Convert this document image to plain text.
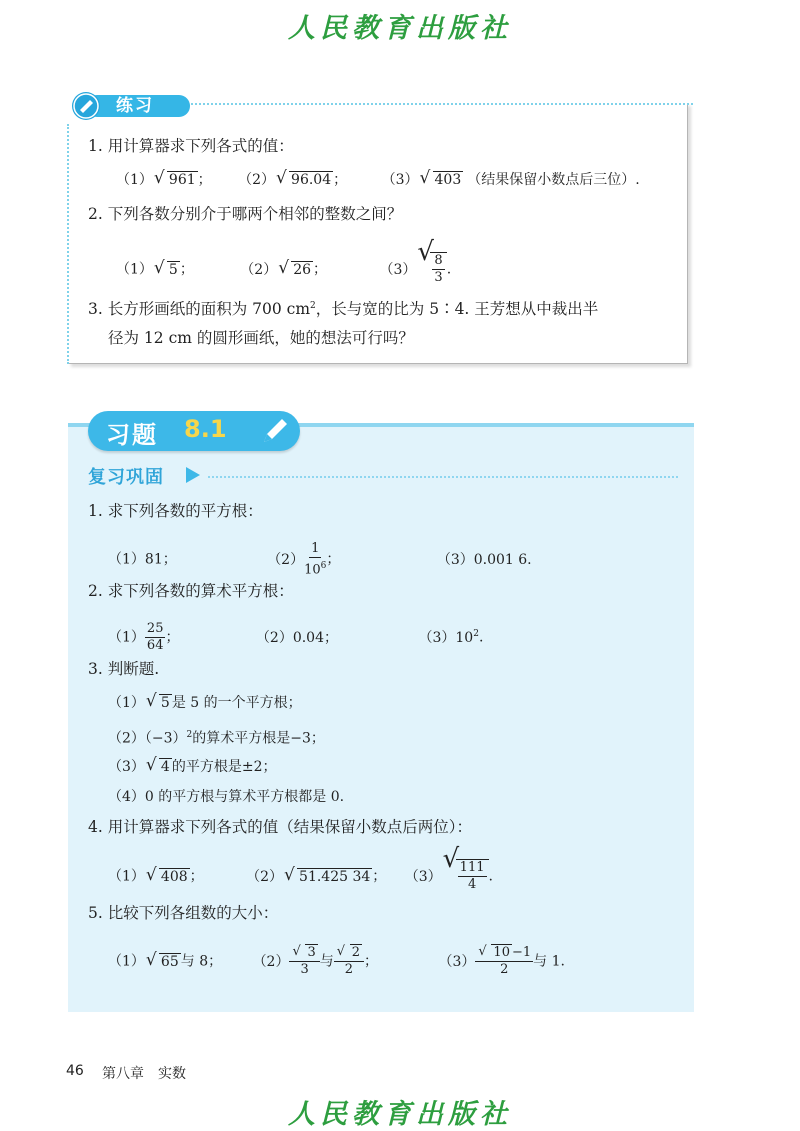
人民教育出版社
练习
1. 用计算器求下列各式的值：
（1） √ 961 ； （2） √ 96.04 ； （3） √ 403 （结果保留小数点后三位）.
2. 下列各数分别介于哪两个相邻的整数之间？
（1） √ 5 ；	（2） √ 26 ；	（3）
√
$\frac{8}{3}$ .
3. 长方形画纸的面积为 700 $cm^2$，长与宽的比为 5∶4. 王芳想从中裁出半
径为 12 cm 的圆形画纸，她的想法可行吗？
习题 8.1
复习巩固
1. 求下列各数的平方根：
（1）81；	$(2) \frac{1}{10^6}$ ；	（3）0.001 6.
2. 求下列各数的算术平方根：
$(1) \frac{25}{64}$ ；	（2）0.04；	$(3)10^2$.
3. 判断题.
（1） √ 5 是 5 的一个平方根；
$(2)(-3)^2$的算术平方根是−3；
（3） √ 4 的平方根是±2；
（4）0 的平方根与算术平方根都是 0.
4. 用计算器求下列各式的值（结果保留小数点后两位）：
（1） √ 408 ；	（2） √ 51.425 34 ； （3）
√
$\frac{111}{4}$ .
5. 比较下列各组数的大小：
（1） √ 65 与 8； $(2) \frac{√ 3}{3}$ 与 $\frac{√ 2}{2}$ ；	$(3) \frac{√ 10 -1}{2}$ 与 1.
46 第八章　实数
人民教育出版社
